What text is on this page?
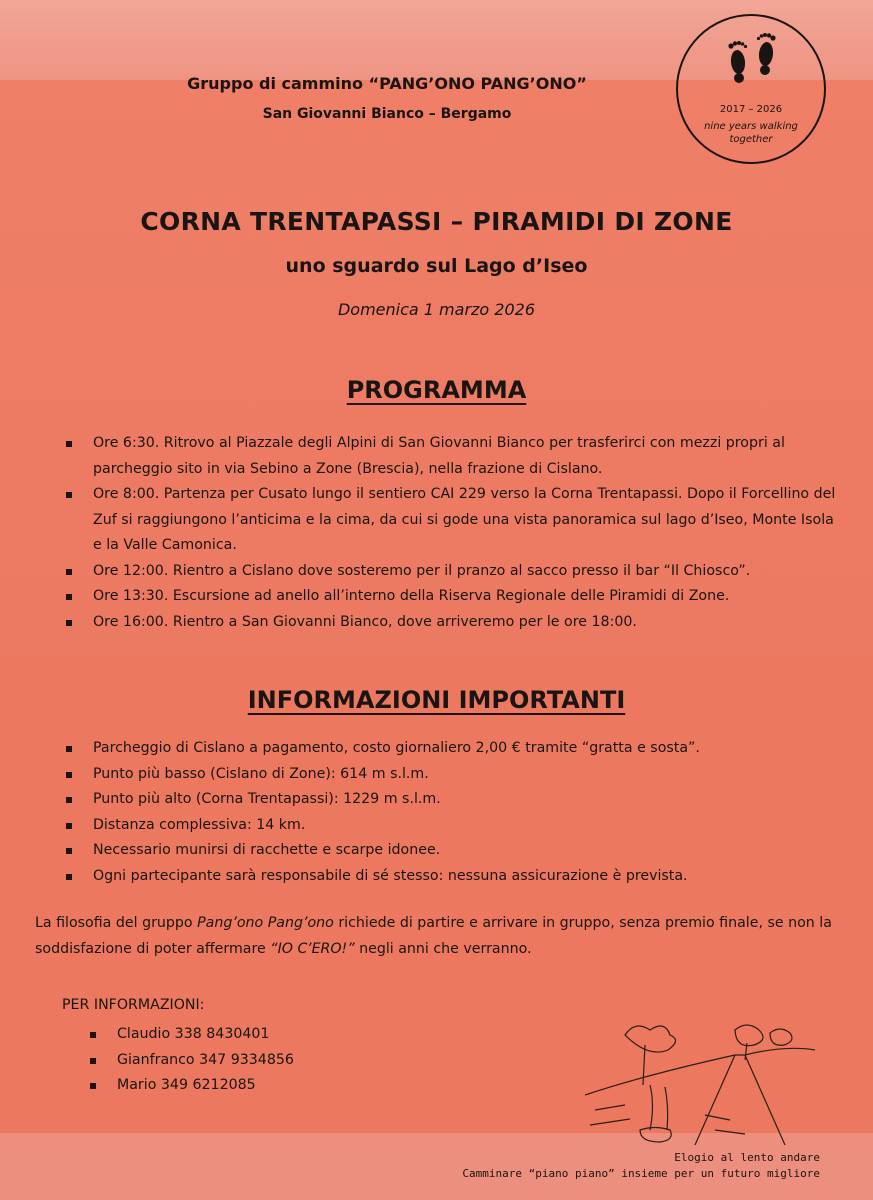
Gruppo di cammino “PANG’ONO PANG’ONO”
San Giovanni Bianco – Bergamo	2017 – 2026
nine years walking together
CORNA TRENTAPASSI – PIRAMIDI DI ZONE
uno sguardo sul Lago d’Iseo
Domenica 1 marzo 2026
PROGRAMMA
Ore 6:30. Ritrovo al Piazzale degli Alpini di San Giovanni Bianco per trasferirci con mezzi propri al parcheggio sito in via Sebino a Zone (Brescia), nella frazione di Cislano.
Ore 8:00. Partenza per Cusato lungo il sentiero CAI 229 verso la Corna Trentapassi. Dopo il Forcellino del Zuf si raggiungono l’anticima e la cima, da cui si gode una vista panoramica sul lago d’Iseo, Monte Isola e la Valle Camonica.
Ore 12:00. Rientro a Cislano dove sosteremo per il pranzo al sacco presso il bar “Il Chiosco”.
Ore 13:30. Escursione ad anello all’interno della Riserva Regionale delle Piramidi di Zone.
Ore 16:00. Rientro a San Giovanni Bianco, dove arriveremo per le ore 18:00.
INFORMAZIONI IMPORTANTI
Parcheggio di Cislano a pagamento, costo giornaliero 2,00 € tramite “gratta e sosta”.
Punto più basso (Cislano di Zone): 614 m s.l.m.
Punto più alto (Corna Trentapassi): 1229 m s.l.m.
Distanza complessiva: 14 km.
Necessario munirsi di racchette e scarpe idonee.
Ogni partecipante sarà responsabile di sé stesso: nessuna assicurazione è prevista.
La filosofia del gruppo Pang’ono Pang’ono richiede di partire e arrivare in gruppo, senza premio finale, se non la soddisfazione di poter affermare “IO C’ERO!” negli anni che verranno.
PER INFORMAZIONI:
Claudio 338 8430401
Gianfranco 347 9334856
Mario 349 6212085
Elogio al lento andare
Camminare “piano piano” insieme per un futuro migliore
